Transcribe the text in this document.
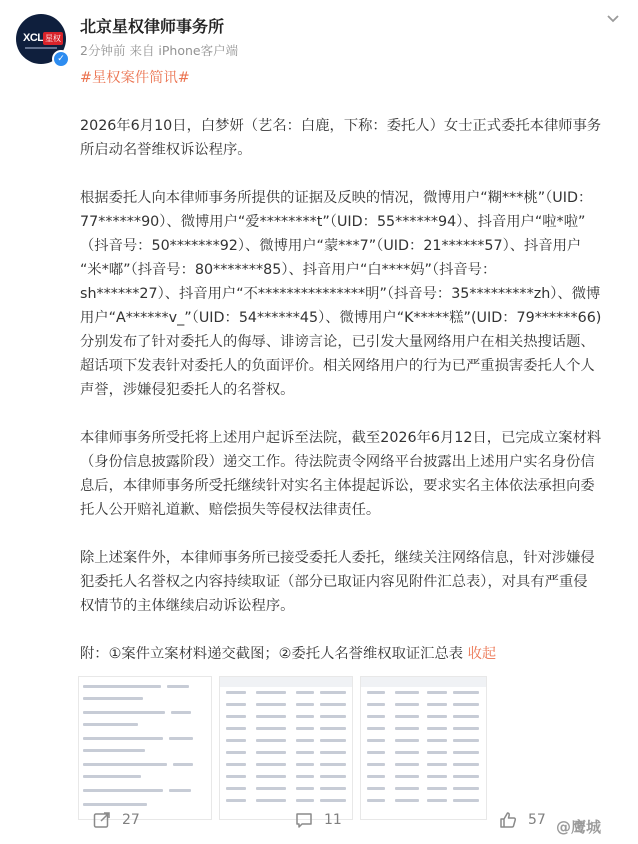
XCL 星权
✓
北京星权律师事务所
2分钟前 来自 iPhone客户端
#星权案件简讯#
2026年6月10日，白梦妍（艺名：白鹿，下称：委托人）女士正式委托本律师事务
所启动名誉维权诉讼程序。
根据委托人向本律师事务所提供的证据及反映的情况，微博用户“糊***桃”（UID：
77******90）、微博用户“爱********t”（UID：55******94）、抖音用户“啦*啦”
（抖音号：50*******92）、微博用户“蒙***7”（UID：21******57）、抖音用户
“米*嘟”（抖音号：80*******85）、抖音用户“白****妈”（抖音号：
sh******27）、抖音用户“不***************明”（抖音号：35*********zh）、微博
用户“A******v_”（UID：54******45）、微博用户“K*****糕”(UID：79******66)
分别发布了针对委托人的侮辱、诽谤言论，已引发大量网络用户在相关热搜话题、
超话项下发表针对委托人的负面评价。相关网络用户的行为已严重损害委托人个人
声誉，涉嫌侵犯委托人的名誉权。
本律师事务所受托将上述用户起诉至法院，截至2026年6月12日，已完成立案材料
（身份信息披露阶段）递交工作。待法院责令网络平台披露出上述用户实名身份信
息后，本律师事务所受托继续针对实名主体提起诉讼，要求实名主体依法承担向委
托人公开赔礼道歉、赔偿损失等侵权法律责任。
除上述案件外，本律师事务所已接受委托人委托，继续关注网络信息，针对涉嫌侵
犯委托人名誉权之内容持续取证（部分已取证内容见附件汇总表），对具有严重侵
权情节的主体继续启动诉讼程序。
附：①案件立案材料递交截图；②委托人名誉维权取证汇总表 收起
27	11	57 @鹰城
